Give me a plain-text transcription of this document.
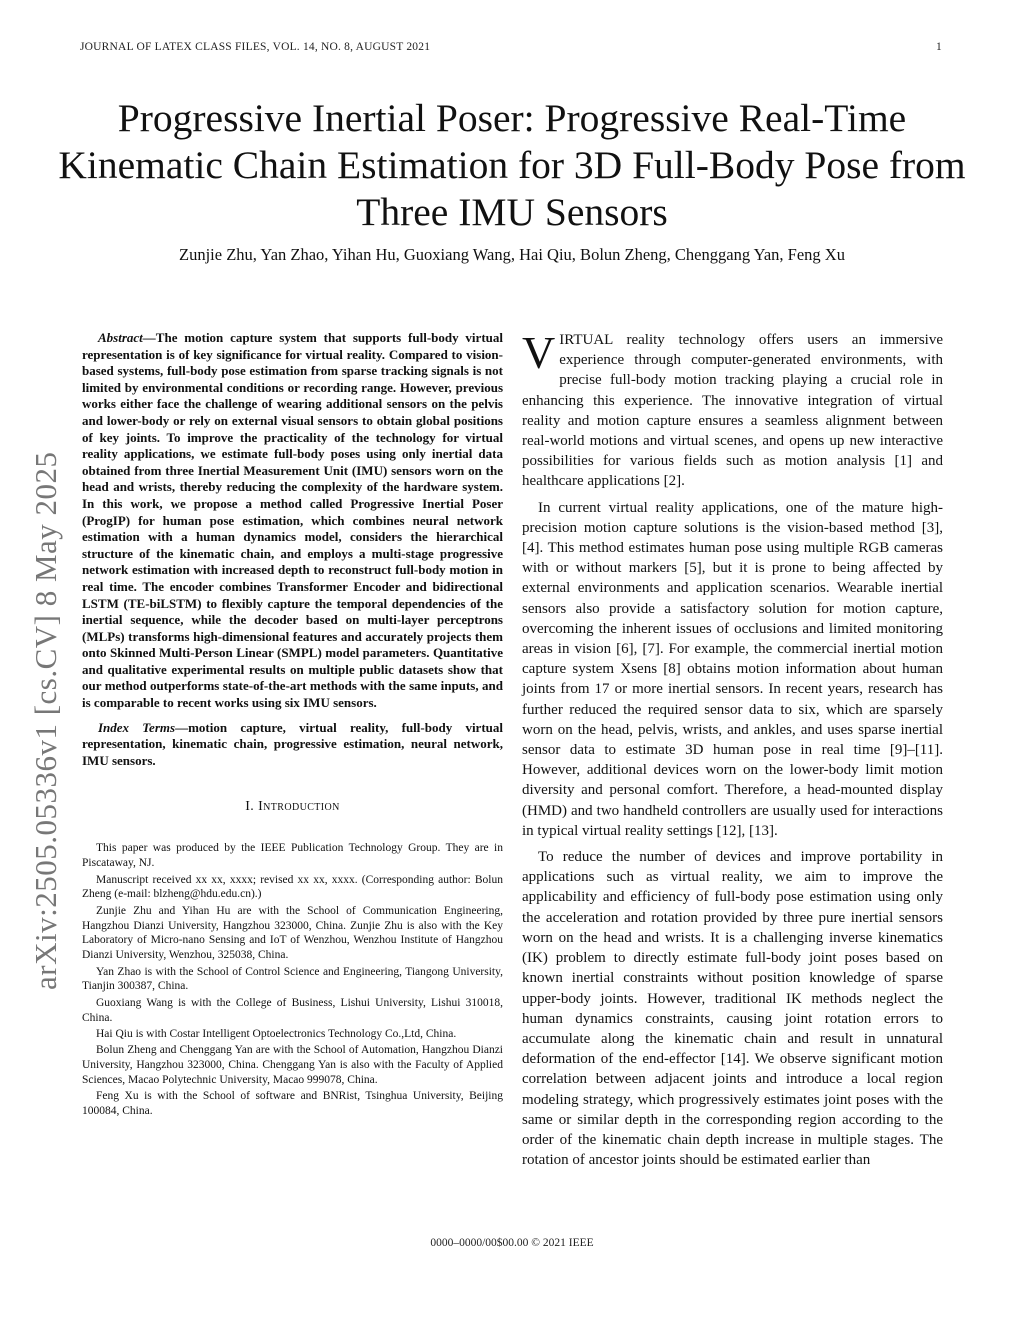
JOURNAL OF LATEX CLASS FILES, VOL. 14, NO. 8, AUGUST 2021	1
Progressive Inertial Poser: Progressive Real-Time Kinematic Chain Estimation for 3D Full-Body Pose from Three IMU Sensors
Zunjie Zhu, Yan Zhao, Yihan Hu, Guoxiang Wang, Hai Qiu, Bolun Zheng, Chenggang Yan, Feng Xu
arXiv:2505.05336v1 [cs.CV] 8 May 2025

Abstract—The motion capture system that supports full-body virtual representation is of key significance for virtual reality. Compared to vision-based systems, full-body pose estimation from sparse tracking signals is not limited by environmental conditions or recording range. However, previous works either face the challenge of wearing additional sensors on the pelvis and lower-body or rely on external visual sensors to obtain global positions of key joints. To improve the practicality of the technology for virtual reality applications, we estimate full-body poses using only inertial data obtained from three Inertial Measurement Unit (IMU) sensors worn on the head and wrists, thereby reducing the complexity of the hardware system. In this work, we propose a method called Progressive Inertial Poser (ProgIP) for human pose estimation, which combines neural network estimation with a human dynamics model, considers the hierarchical structure of the kinematic chain, and employs a multi-stage progressive network estimation with increased depth to reconstruct full-body motion in real time. The encoder combines Transformer Encoder and bidirectional LSTM (TE-biLSTM) to flexibly capture the temporal dependencies of the inertial sequence, while the decoder based on multi-layer perceptrons (MLPs) transforms high-dimensional features and accurately projects them onto Skinned Multi-Person Linear (SMPL) model parameters. Quantitative and qualitative experimental results on multiple public datasets show that our method outperforms state-of-the-art methods with the same inputs, and is comparable to recent works using six IMU sensors.

Index Terms—motion capture, virtual reality, full-body virtual representation, kinematic chain, progressive estimation, neural network, IMU sensors.

I. Introduction

This paper was produced by the IEEE Publication Technology Group. They are in Piscataway, NJ.

Manuscript received xx xx, xxxx; revised xx xx, xxxx. (Corresponding author: Bolun Zheng (e-mail: blzheng@hdu.edu.cn).)

Zunjie Zhu and Yihan Hu are with the School of Communication Engineering, Hangzhou Dianzi University, Hangzhou 323000, China. Zunjie Zhu is also with the Key Laboratory of Micro-nano Sensing and IoT of Wenzhou, Wenzhou Institute of Hangzhou Dianzi University, Wenzhou, 325038, China.

Yan Zhao is with the School of Control Science and Engineering, Tiangong University, Tianjin 300387, China.

Guoxiang Wang is with the College of Business, Lishui University, Lishui 310018, China.

Hai Qiu is with Costar Intelligent Optoelectronics Technology Co.,Ltd, China.

Bolun Zheng and Chenggang Yan are with the School of Automation, Hangzhou Dianzi University, Hangzhou 323000, China. Chenggang Yan is also with the Faculty of Applied Sciences, Macao Polytechnic University, Macao 999078, China.

Feng Xu is with the School of software and BNRist, Tsinghua University, Beijing 100084, China.

VIRTUAL reality technology offers users an immersive experience through computer-generated environments, with precise full-body motion tracking playing a crucial role in enhancing this experience. The innovative integration of virtual reality and motion capture ensures a seamless alignment between real-world motions and virtual scenes, and opens up new interactive possibilities for various fields such as motion analysis [1] and healthcare applications [2].

In current virtual reality applications, one of the mature high-precision motion capture solutions is the vision-based method [3], [4]. This method estimates human pose using multiple RGB cameras with or without markers [5], but it is prone to being affected by external environments and application scenarios. Wearable inertial sensors also provide a satisfactory solution for motion capture, overcoming the inherent issues of occlusions and limited monitoring areas in vision [6], [7]. For example, the commercial inertial motion capture system Xsens [8] obtains motion information about human joints from 17 or more inertial sensors. In recent years, research has further reduced the required sensor data to six, which are sparsely worn on the head, pelvis, wrists, and ankles, and uses sparse inertial sensor data to estimate 3D human pose in real time [9]–[11]. However, additional devices worn on the lower-body limit motion diversity and personal comfort. Therefore, a head-mounted display (HMD) and two handheld controllers are usually used for interactions in typical virtual reality settings [12], [13].

To reduce the number of devices and improve portability in applications such as virtual reality, we aim to improve the applicability and efficiency of full-body pose estimation using only the acceleration and rotation provided by three pure inertial sensors worn on the head and wrists. It is a challenging inverse kinematics (IK) problem to directly estimate full-body joint poses based on known inertial constraints without position knowledge of sparse upper-body joints. However, traditional IK methods neglect the human dynamics constraints, causing joint rotation errors to accumulate along the kinematic chain and result in unnatural deformation of the end-effector [14]. We observe significant motion correlation between adjacent joints and introduce a local region modeling strategy, which progressively estimates joint poses with the same or similar depth in the corresponding region according to the order of the kinematic chain depth increase in multiple stages. The rotation of ancestor joints should be estimated earlier than

0000–0000/00$00.00 © 2021 IEEE
